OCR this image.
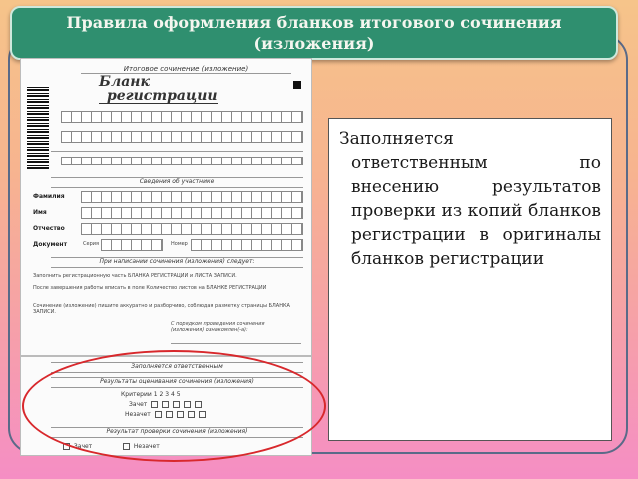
Правила оформления бланков итогового сочинения
(изложения)
Итоговое сочинение (изложение)
Бланк
регистрации
Сведения об участнике
Фамилия
Имя
Отчество
Документ	Серия	Номер
При написании сочинения (изложения) следует:
Заполнить регистрационную часть БЛАНКА РЕГИСТРАЦИИ и ЛИСТА ЗАПИСИ.
После завершения работы вписать в поле Количество листов на БЛАНКЕ РЕГИСТРАЦИИ
Сочинение (изложение) пишите аккуратно и разборчиво, соблюдая разметку страницы БЛАНКА ЗАПИСИ.
С порядком проведения сочинения (изложения) ознакомлен(-а):
Заполняется ответственным
Результаты оценивания сочинения (изложения)
Критерии 1 2 3 4 5
Зачет
Незачет
Результат проверки сочинения (изложения)
Зачет	Незачет

Заполняется

ответственным по внесению результатов проверки из копий бланков регистрации в оригиналы бланков регистрации
